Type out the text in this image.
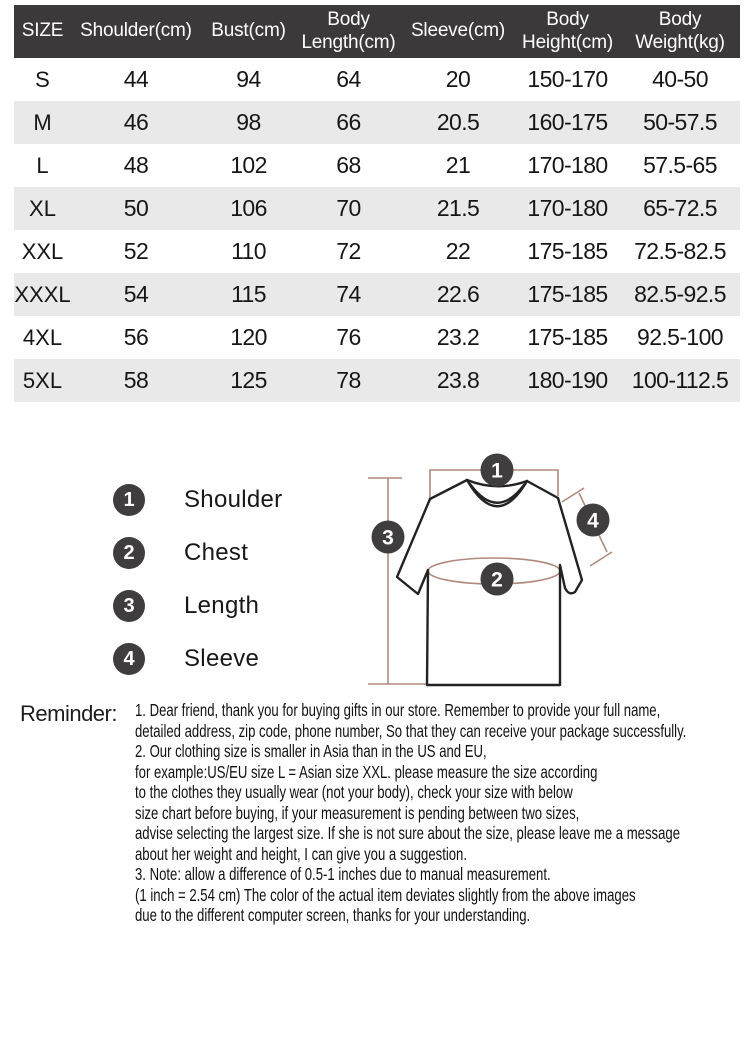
SIZE	Shoulder(cm)	Bust(cm)	Body Length(cm)	Sleeve(cm)	Body Height(cm)	Body Weight(kg)
S	44	94	64	20	150-170	40-50
M	46	98	66	20.5	160-175	50-57.5
L	48	102	68	21	170-180	57.5-65
XL	50	106	70	21.5	170-180	65-72.5
XXL	52	110	72	22	175-185	72.5-82.5
XXXL	54	115	74	22.6	175-185	82.5-92.5
4XL	56	120	76	23.2	175-185	92.5-100
5XL	58	125	78	23.8	180-190	100-112.5
1	Shoulder
2	Chest
3	Length
4	Sleeve
1
2
3
4
Reminder:	1. Dear friend, thank you for buying gifts in our store. Remember to provide your full name,
detailed address, zip code, phone number, So that they can receive your package successfully.
2. Our clothing size is smaller in Asia than in the US and EU,
for example:US/EU size L = Asian size XXL. please measure the size according
to the clothes they usually wear (not your body), check your size with below
size chart before buying, if your measurement is pending between two sizes,
advise selecting the largest size. If she is not sure about the size, please leave me a message
about her weight and height, I can give you a suggestion.
3. Note: allow a difference of 0.5-1 inches due to manual measurement.
(1 inch = 2.54 cm) The color of the actual item deviates slightly from the above images
due to the different computer screen, thanks for your understanding.
